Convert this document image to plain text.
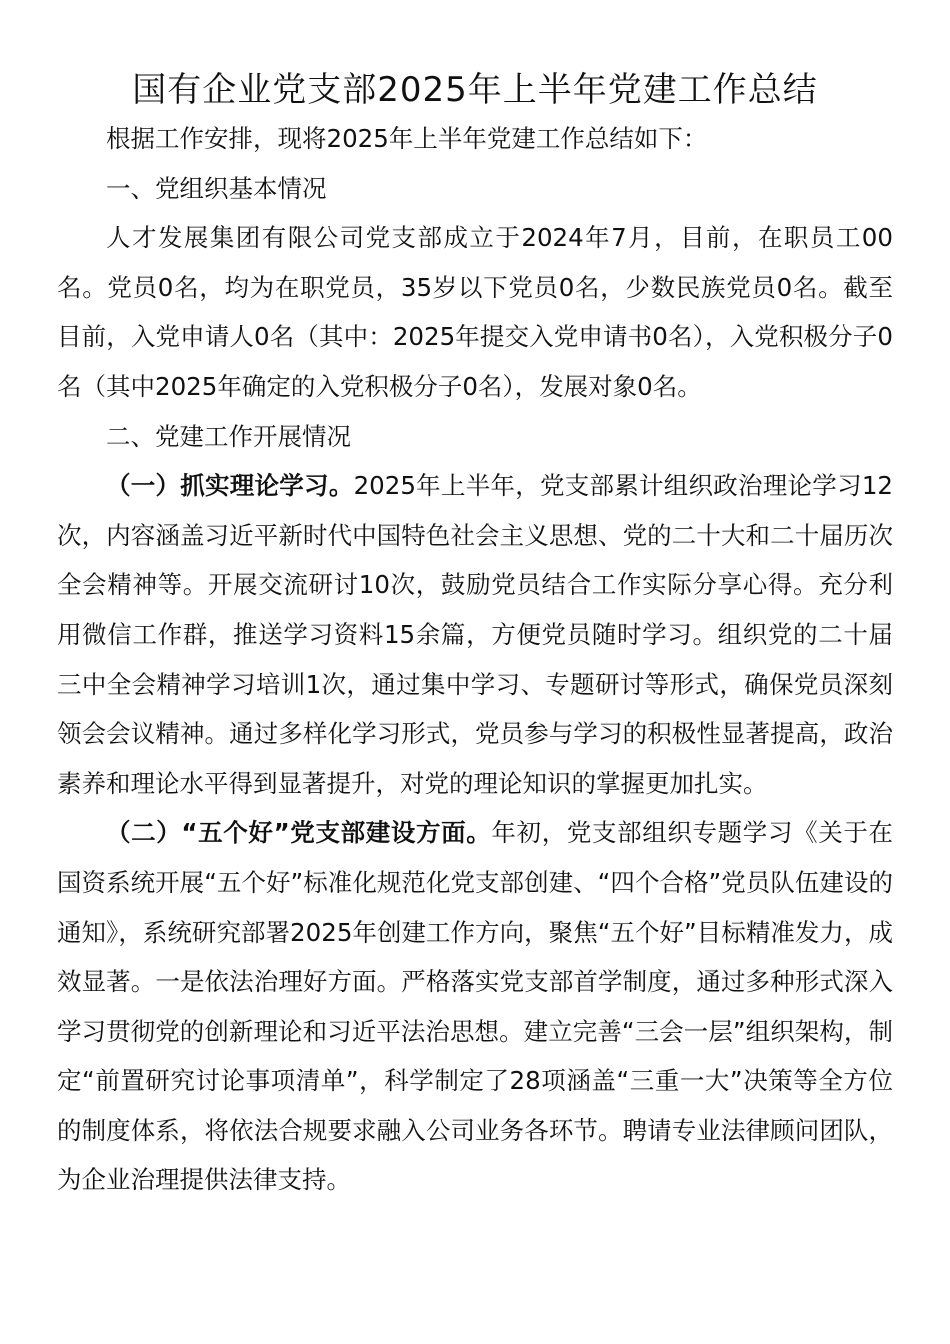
国有企业党支部2025年上半年党建工作总结

根据工作安排，现将2025年上半年党建工作总结如下：

一、党组织基本情况

人才发展集团有限公司党支部成立于2024年7月，目前，在职员工00名。党员0名，均为在职党员，35岁以下党员0名，少数民族党员0名。截至目前，入党申请人0名（其中：2025年提交入党申请书0名），入党积极分子0名（其中2025年确定的入党积极分子0名），发展对象0名。

二、党建工作开展情况

（一）抓实理论学习。2025年上半年，党支部累计组织政治理论学习12次，内容涵盖习近平新时代中国特色社会主义思想、党的二十大和二十届历次全会精神等。开展交流研讨10次，鼓励党员结合工作实际分享心得。充分利用微信工作群，推送学习资料15余篇，方便党员随时学习。组织党的二十届三中全会精神学习培训1次，通过集中学习、专题研讨等形式，确保党员深刻领会会议精神。通过多样化学习形式，党员参与学习的积极性显著提高，政治素养和理论水平得到显著提升，对党的理论知识的掌握更加扎实。

（二）“五个好”党支部建设方面。年初，党支部组织专题学习《关于在国资系统开展“五个好”标准化规范化党支部创建、“四个合格”党员队伍建设的通知》，系统研究部署2025年创建工作方向，聚焦“五个好”目标精准发力，成效显著。一是依法治理好方面。严格落实党支部首学制度，通过多种形式深入学习贯彻党的创新理论和习近平法治思想。建立完善“三会一层”组织架构，制定“前置研究讨论事项清单”，科学制定了28项涵盖“三重一大”决策等全方位的制度体系，将依法合规要求融入公司业务各环节。聘请专业法律顾问团队，为企业治理提供法律支持。
